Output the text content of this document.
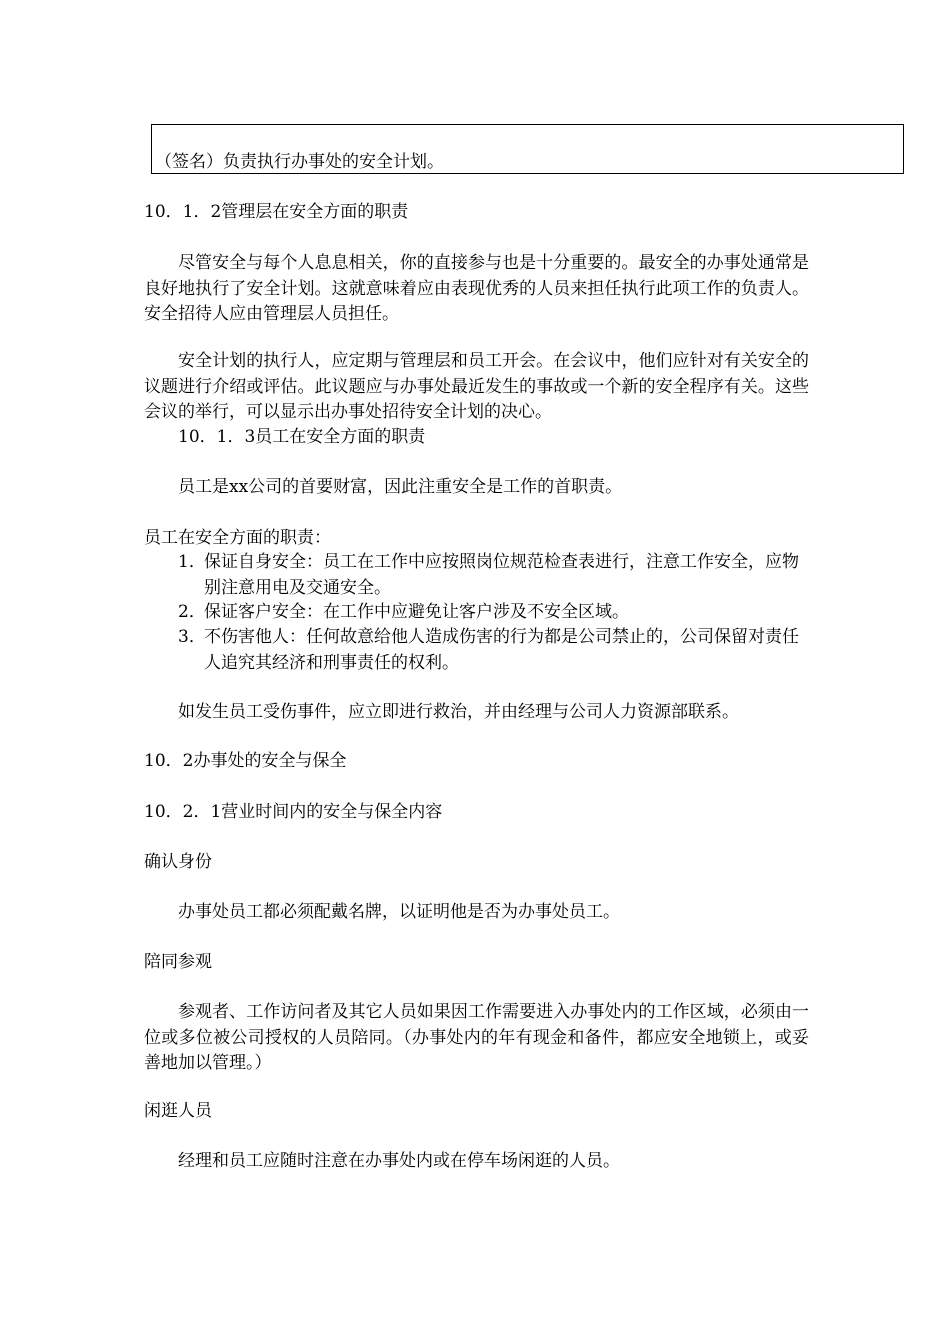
（签名）负责执行办事处的安全计划。
10．1．2管理层在安全方面的职责
尽管安全与每个人息息相关，你的直接参与也是十分重要的。最安全的办事处通常是良好地执行了安全计划。这就意味着应由表现优秀的人员来担任执行此项工作的负责人。安全招待人应由管理层人员担任。
安全计划的执行人，应定期与管理层和员工开会。在会议中，他们应针对有关安全的议题进行介绍或评估。此议题应与办事处最近发生的事故或一个新的安全程序有关。这些会议的举行，可以显示出办事处招待安全计划的决心。
10．1．3员工在安全方面的职责
员工是xx公司的首要财富，因此注重安全是工作的首职责。
员工在安全方面的职责：
1．保证自身安全：员工在工作中应按照岗位规范检查表进行，注意工作安全，应物别注意用电及交通安全。
2．保证客户安全：在工作中应避免让客户涉及不安全区域。
3．不伤害他人：任何故意给他人造成伤害的行为都是公司禁止的，公司保留对责任人追究其经济和刑事责任的权利。
如发生员工受伤事件，应立即进行救治，并由经理与公司人力资源部联系。
10．2办事处的安全与保全
10．2．1营业时间内的安全与保全内容
确认身份
办事处员工都必须配戴名牌，以证明他是否为办事处员工。
陪同参观
参观者、工作访问者及其它人员如果因工作需要进入办事处内的工作区域，必须由一位或多位被公司授权的人员陪同。（办事处内的年有现金和备件，都应安全地锁上，或妥善地加以管理。）
闲逛人员
经理和员工应随时注意在办事处内或在停车场闲逛的人员。
